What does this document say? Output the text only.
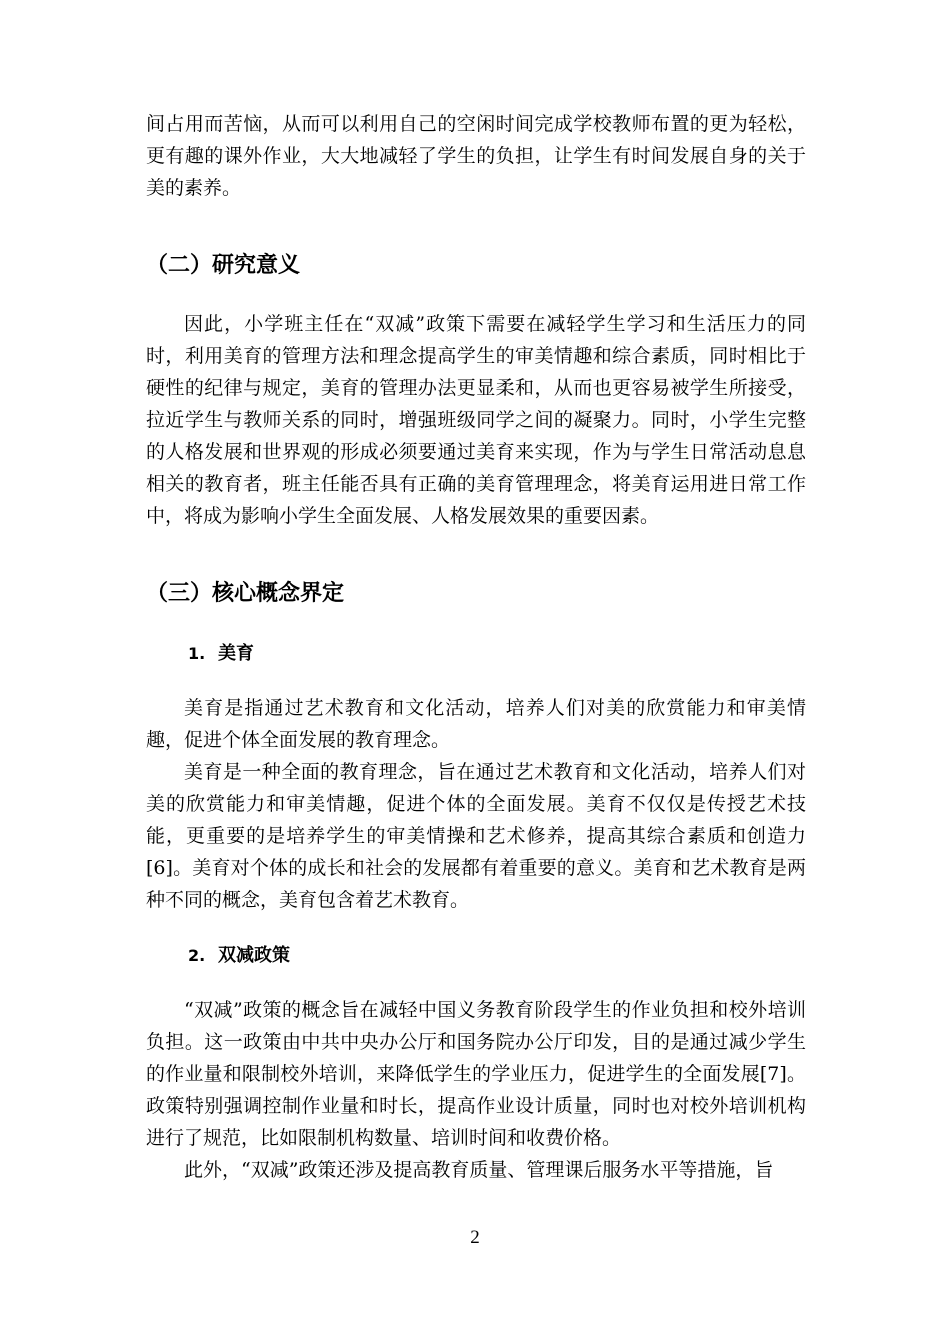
间占用而苦恼，从而可以利用自己的空闲时间完成学校教师布置的更为轻松，更有趣的课外作业，大大地减轻了学生的负担，让学生有时间发展自身的关于美的素养。

（二）研究意义

因此，小学班主任在“双减”政策下需要在减轻学生学习和生活压力的同时，利用美育的管理方法和理念提高学生的审美情趣和综合素质，同时相比于硬性的纪律与规定，美育的管理办法更显柔和，从而也更容易被学生所接受，拉近学生与教师关系的同时，增强班级同学之间的凝聚力。同时，小学生完整的人格发展和世界观的形成必须要通过美育来实现，作为与学生日常活动息息相关的教育者，班主任能否具有正确的美育管理理念，将美育运用进日常工作中，将成为影响小学生全面发展、人格发展效果的重要因素。

（三）核心概念界定
1. 美育

美育是指通过艺术教育和文化活动，培养人们对美的欣赏能力和审美情趣，促进个体全面发展的教育理念。

美育是一种全面的教育理念，旨在通过艺术教育和文化活动，培养人们对美的欣赏能力和审美情趣，促进个体的全面发展。美育不仅仅是传授艺术技能，更重要的是培养学生的审美情操和艺术修养，提高其综合素质和创造力[6]。美育对个体的成长和社会的发展都有着重要的意义。美育和艺术教育是两种不同的概念，美育包含着艺术教育。

2. 双减政策

“双减”政策的概念旨在减轻中国义务教育阶段学生的作业负担和校外培训负担。这一政策由中共中央办公厅和国务院办公厅印发，目的是通过减少学生的作业量和限制校外培训，来降低学生的学业压力，促进学生的全面发展[7]。政策特别强调控制作业量和时长，提高作业设计质量，同时也对校外培训机构进行了规范，比如限制机构数量、培训时间和收费价格。

此外，“双减”政策还涉及提高教育质量、管理课后服务水平等措施，旨

2
